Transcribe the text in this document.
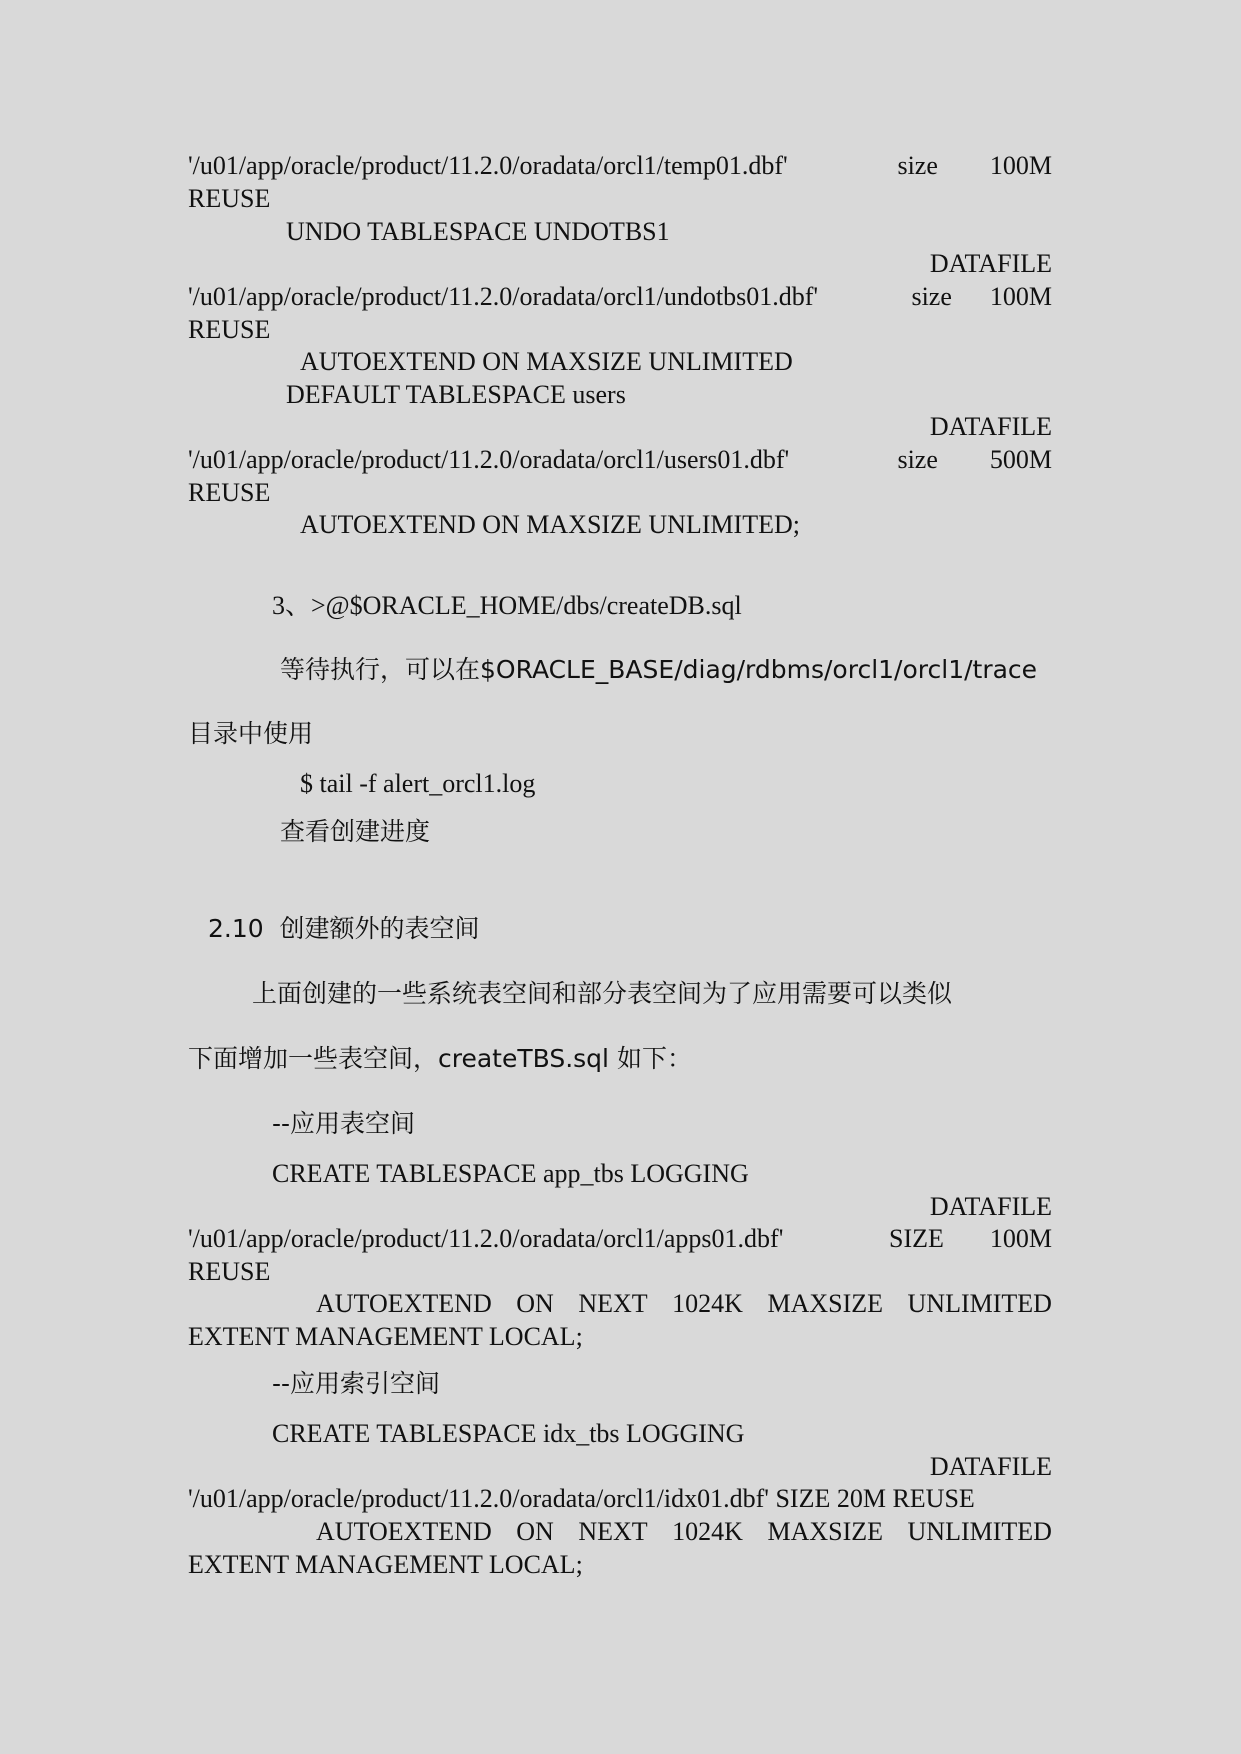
'/u01/app/oracle/product/11.2.0/oradata/orcl1/temp01.dbf'	size 100M
REUSE
UNDO TABLESPACE UNDOTBS1
DATAFILE
'/u01/app/oracle/product/11.2.0/oradata/orcl1/undotbs01.dbf'	size 100M
REUSE
AUTOEXTEND ON MAXSIZE UNLIMITED
DEFAULT TABLESPACE users
DATAFILE
'/u01/app/oracle/product/11.2.0/oradata/orcl1/users01.dbf'	size 500M
REUSE
AUTOEXTEND ON MAXSIZE UNLIMITED;
3、>@$ORACLE_HOME/dbs/createDB.sql
等待执行，可以在$ORACLE_BASE/diag/rdbms/orcl1/orcl1/trace
目录中使用
$ tail -f alert_orcl1.log
查看创建进度
2.10  创建额外的表空间
上面创建的一些系统表空间和部分表空间为了应用需要可以类似
下面增加一些表空间，createTBS.sql 如下：
--应用表空间
CREATE TABLESPACE app_tbs LOGGING
DATAFILE
'/u01/app/oracle/product/11.2.0/oradata/orcl1/apps01.dbf'	SIZE 100M
REUSE
AUTOEXTEND ON NEXT 1024K MAXSIZE UNLIMITED
EXTENT MANAGEMENT LOCAL;
--应用索引空间
CREATE TABLESPACE idx_tbs LOGGING
DATAFILE
'/u01/app/oracle/product/11.2.0/oradata/orcl1/idx01.dbf' SIZE 20M REUSE
AUTOEXTEND ON NEXT 1024K MAXSIZE UNLIMITED
EXTENT MANAGEMENT LOCAL;
